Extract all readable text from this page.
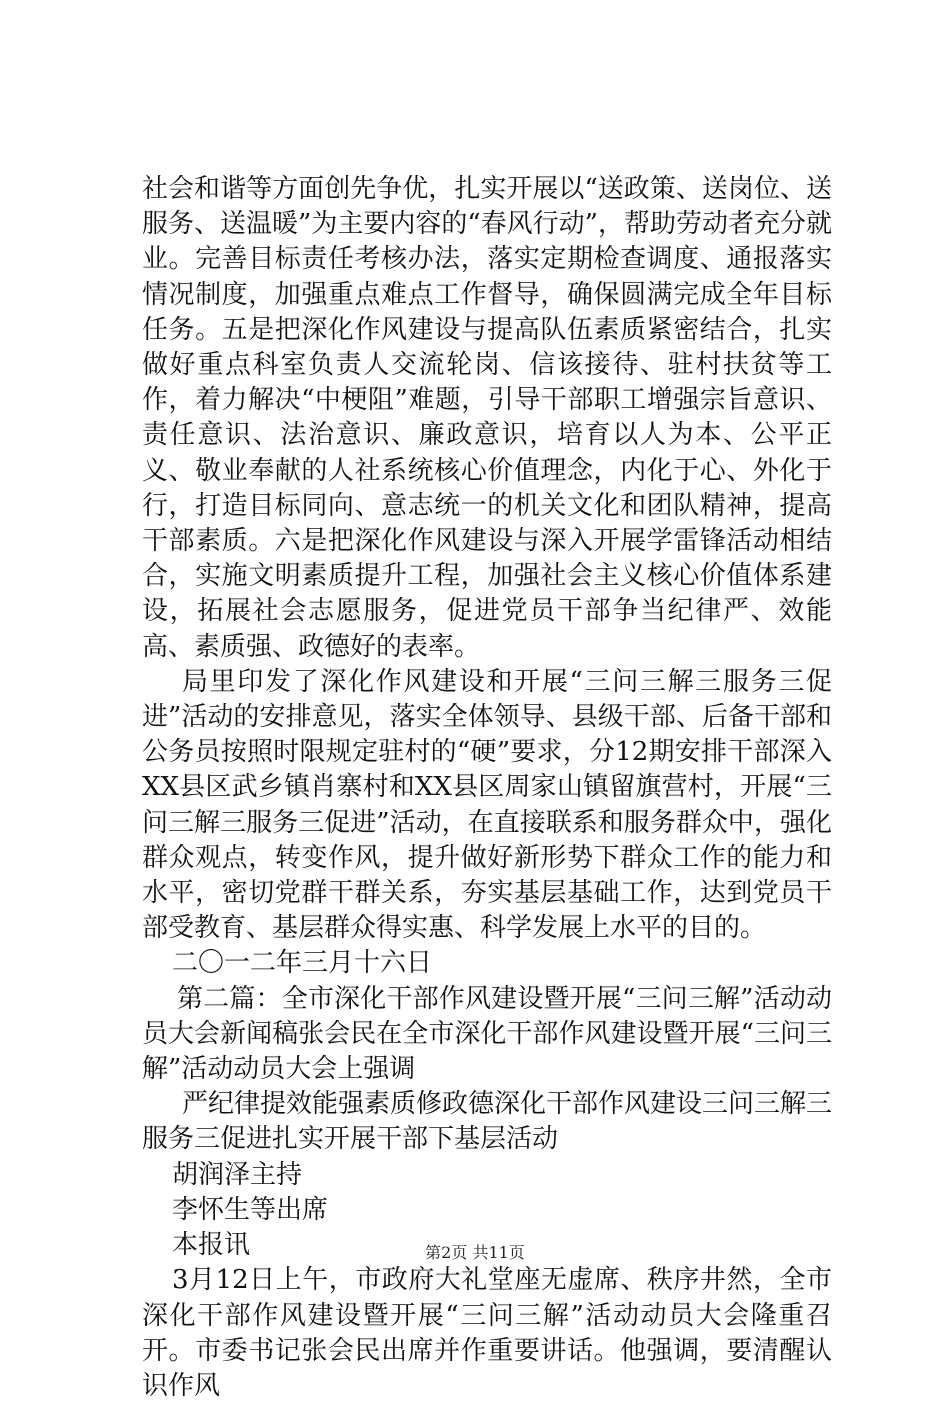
社会和谐等方面创先争优，扎实开展以“送政策、送岗位、送服务、送温暖”为主要内容的“春风行动”，帮助劳动者充分就业。完善目标责任考核办法，落实定期检查调度、通报落实情况制度，加强重点难点工作督导，确保圆满完成全年目标任务。五是把深化作风建设与提高队伍素质紧密结合，扎实做好重点科室负责人交流轮岗、信该接待、驻村扶贫等工作，着力解决“中梗阻”难题，引导干部职工增强宗旨意识、责任意识、法治意识、廉政意识，培育以人为本、公平正义、敬业奉献的人社系统核心价值理念，内化于心、外化于行，打造目标同向、意志统一的机关文化和团队精神，提高干部素质。六是把深化作风建设与深入开展学雷锋活动相结合，实施文明素质提升工程，加强社会主义核心价值体系建设，拓展社会志愿服务，促进党员干部争当纪律严、效能高、素质强、政德好的表率。

局里印发了深化作风建设和开展“三问三解三服务三促进”活动的安排意见，落实全体领导、县级干部、后备干部和公务员按照时限规定驻村的“硬”要求，分12期安排干部深入XX县区武乡镇肖寨村和XX县区周家山镇留旗营村，开展“三问三解三服务三促进”活动，在直接联系和服务群众中，强化群众观点，转变作风，提升做好新形势下群众工作的能力和水平，密切党群干群关系，夯实基层基础工作，达到党员干部受教育、基层群众得实惠、科学发展上水平的目的。

二〇一二年三月十六日

第二篇：全市深化干部作风建设暨开展“三问三解”活动动员大会新闻稿张会民在全市深化干部作风建设暨开展“三问三解”活动动员大会上强调

严纪律提效能强素质修政德深化干部作风建设三问三解三服务三促进扎实开展干部下基层活动

胡润泽主持

李怀生等出席

本报讯

3月12日上午，市政府大礼堂座无虚席、秩序井然，全市深化干部作风建设暨开展“三问三解”活动动员大会隆重召开。市委书记张会民出席并作重要讲话。他强调，要清醒认识作风

第2页 共11页
